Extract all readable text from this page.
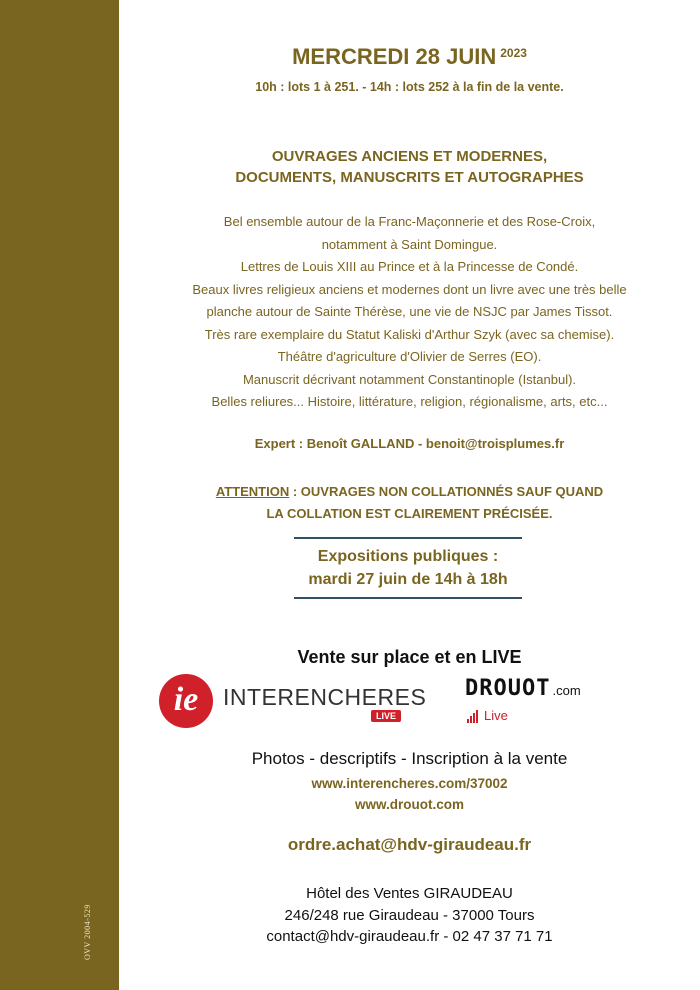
OVV 2004-529
MERCREDI 28 JUIN $^{2023}$
10h : lots 1 à 251. - 14h : lots 252 à la fin de la vente.
OUVRAGES ANCIENS ET MODERNES,
DOCUMENTS, MANUSCRITS ET AUTOGRAPHES
Bel ensemble autour de la Franc-Maçonnerie et des Rose-Croix,
notamment à Saint Domingue.
Lettres de Louis XIII au Prince et à la Princesse de Condé.
Beaux livres religieux anciens et modernes dont un livre avec une très belle
planche autour de Sainte Thérèse, une vie de NSJC par James Tissot.
Très rare exemplaire du Statut Kaliski d'Arthur Szyk (avec sa chemise).
Théâtre d'agriculture d'Olivier de Serres (EO).
Manuscrit décrivant notamment Constantinople (Istanbul).
Belles reliures... Histoire, littérature, religion, régionalisme, arts, etc...
Expert : Benoît GALLAND - benoit@troisplumes.fr
ATTENTION : OUVRAGES NON COLLATIONNÉS SAUF QUAND
LA COLLATION EST CLAIREMENT PRÉCISÉE.
Expositions publiques :
mardi 27 juin de 14h à 18h
Vente sur place et en LIVE
ie	INTERENCHERES
LIVE
DROUOT .com
Live
Photos - descriptifs - Inscription à la vente
www.interencheres.com/37002
www.drouot.com
ordre.achat@hdv-giraudeau.fr
Hôtel des Ventes GIRAUDEAU
246/248 rue Giraudeau - 37000 Tours
contact@hdv-giraudeau.fr - 02 47 37 71 71
